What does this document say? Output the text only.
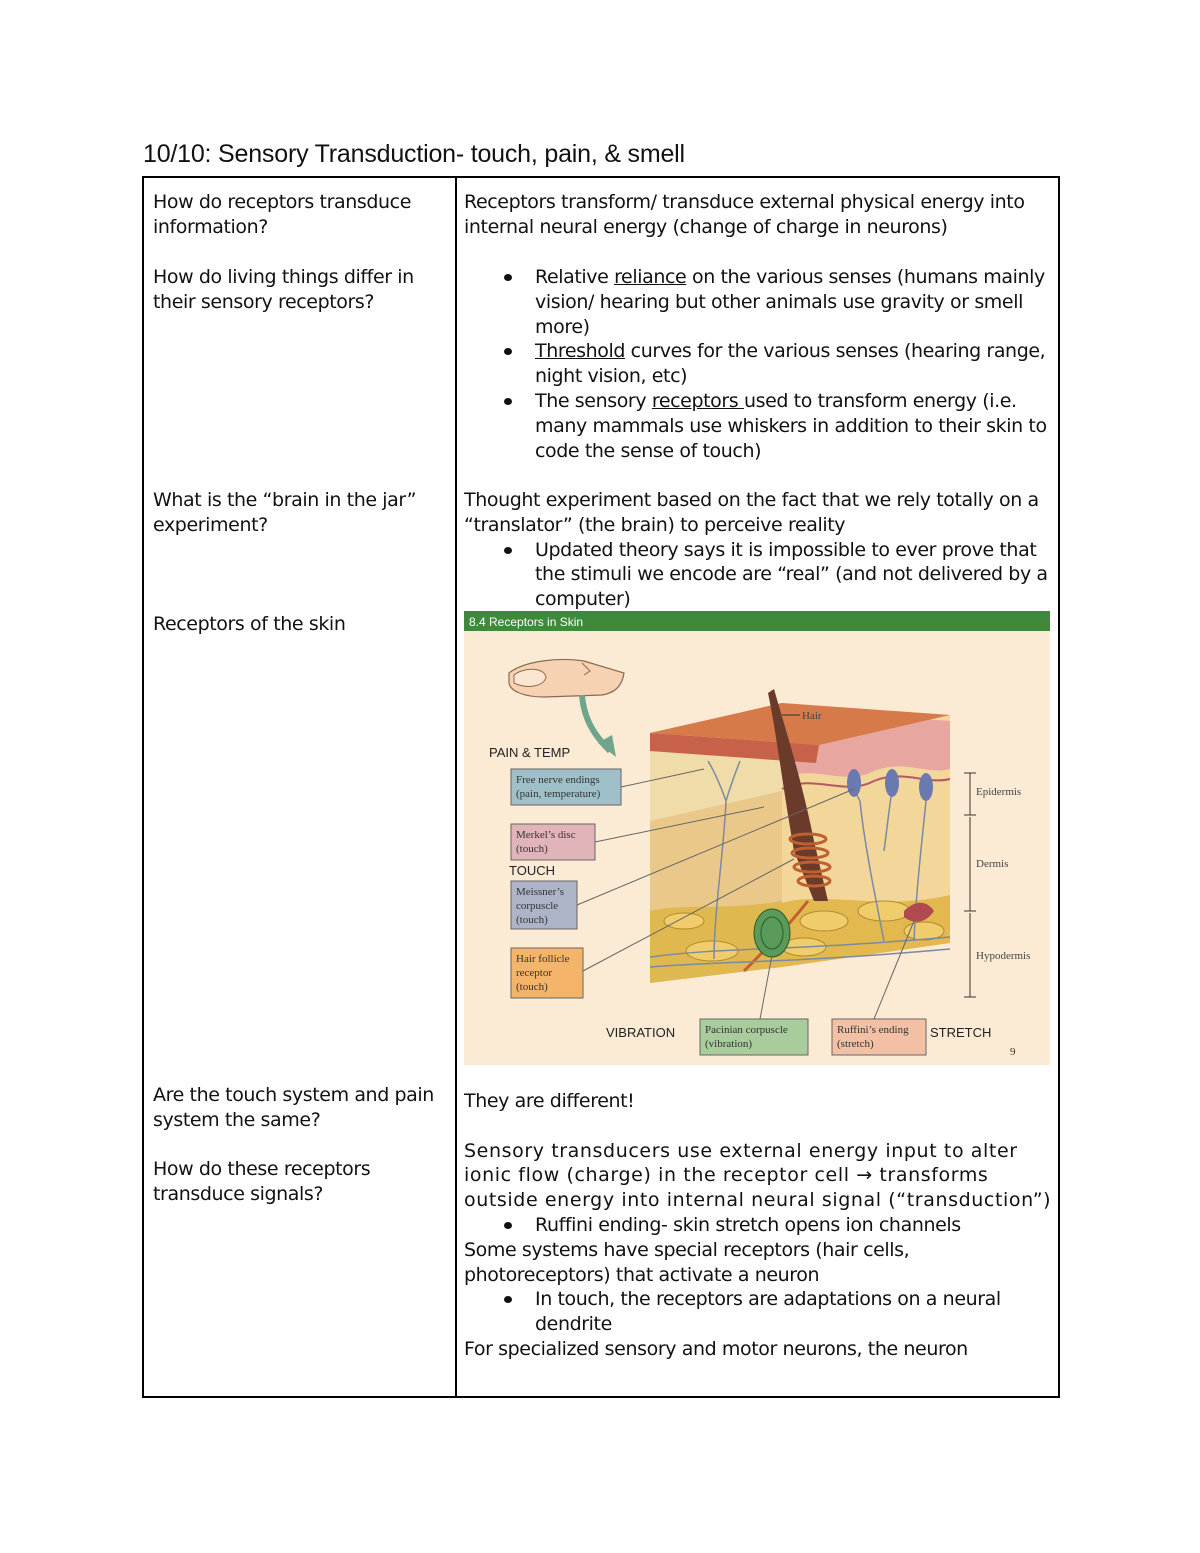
10/10: Sensory Transduction- touch, pain, & smell

How do receptors transduce information?

Receptors transform/ transduce external physical energy into internal neural energy (change of charge in neurons)

How do living things differ in their sensory receptors?

Relative reliance on the various senses (humans mainly vision/ hearing but other animals use gravity or smell more)
Threshold curves for the various senses (hearing range, night vision, etc)
The sensory receptors used to transform energy (i.e. many mammals use whiskers in addition to their skin to code the sense of touch)

What is the “brain in the jar” experiment?

Thought experiment based on the fact that we rely totally on a “translator” (the brain) to perceive reality

Updated theory says it is impossible to ever prove that the stimuli we encode are “real” (and not delivered by a computer)

Receptors of the skin	8.4 Receptors in Skin
Hair
Epidermis
Dermis
Hypodermis
PAIN & TEMP
Free nerve endings
(pain, temperature)
Merkel’s disc
(touch)
TOUCH
Meissner’s
corpuscle
(touch)
Hair follicle
receptor
(touch)
VIBRATION	Pacinian corpuscle
(vibration)
Ruffini’s ending
(stretch)
STRETCH
9

Are the touch system and pain system the same?

How do these receptors transduce signals?

They are different!

Sensory transducers use external energy input to alter ionic flow (charge) in the receptor cell → transforms outside energy into internal neural signal (“transduction”)

Ruffini ending- skin stretch opens ion channels

Some systems have special receptors (hair cells, photoreceptors) that activate a neuron

In touch, the receptors are adaptations on a neural dendrite

For specialized sensory and motor neurons, the neuron
